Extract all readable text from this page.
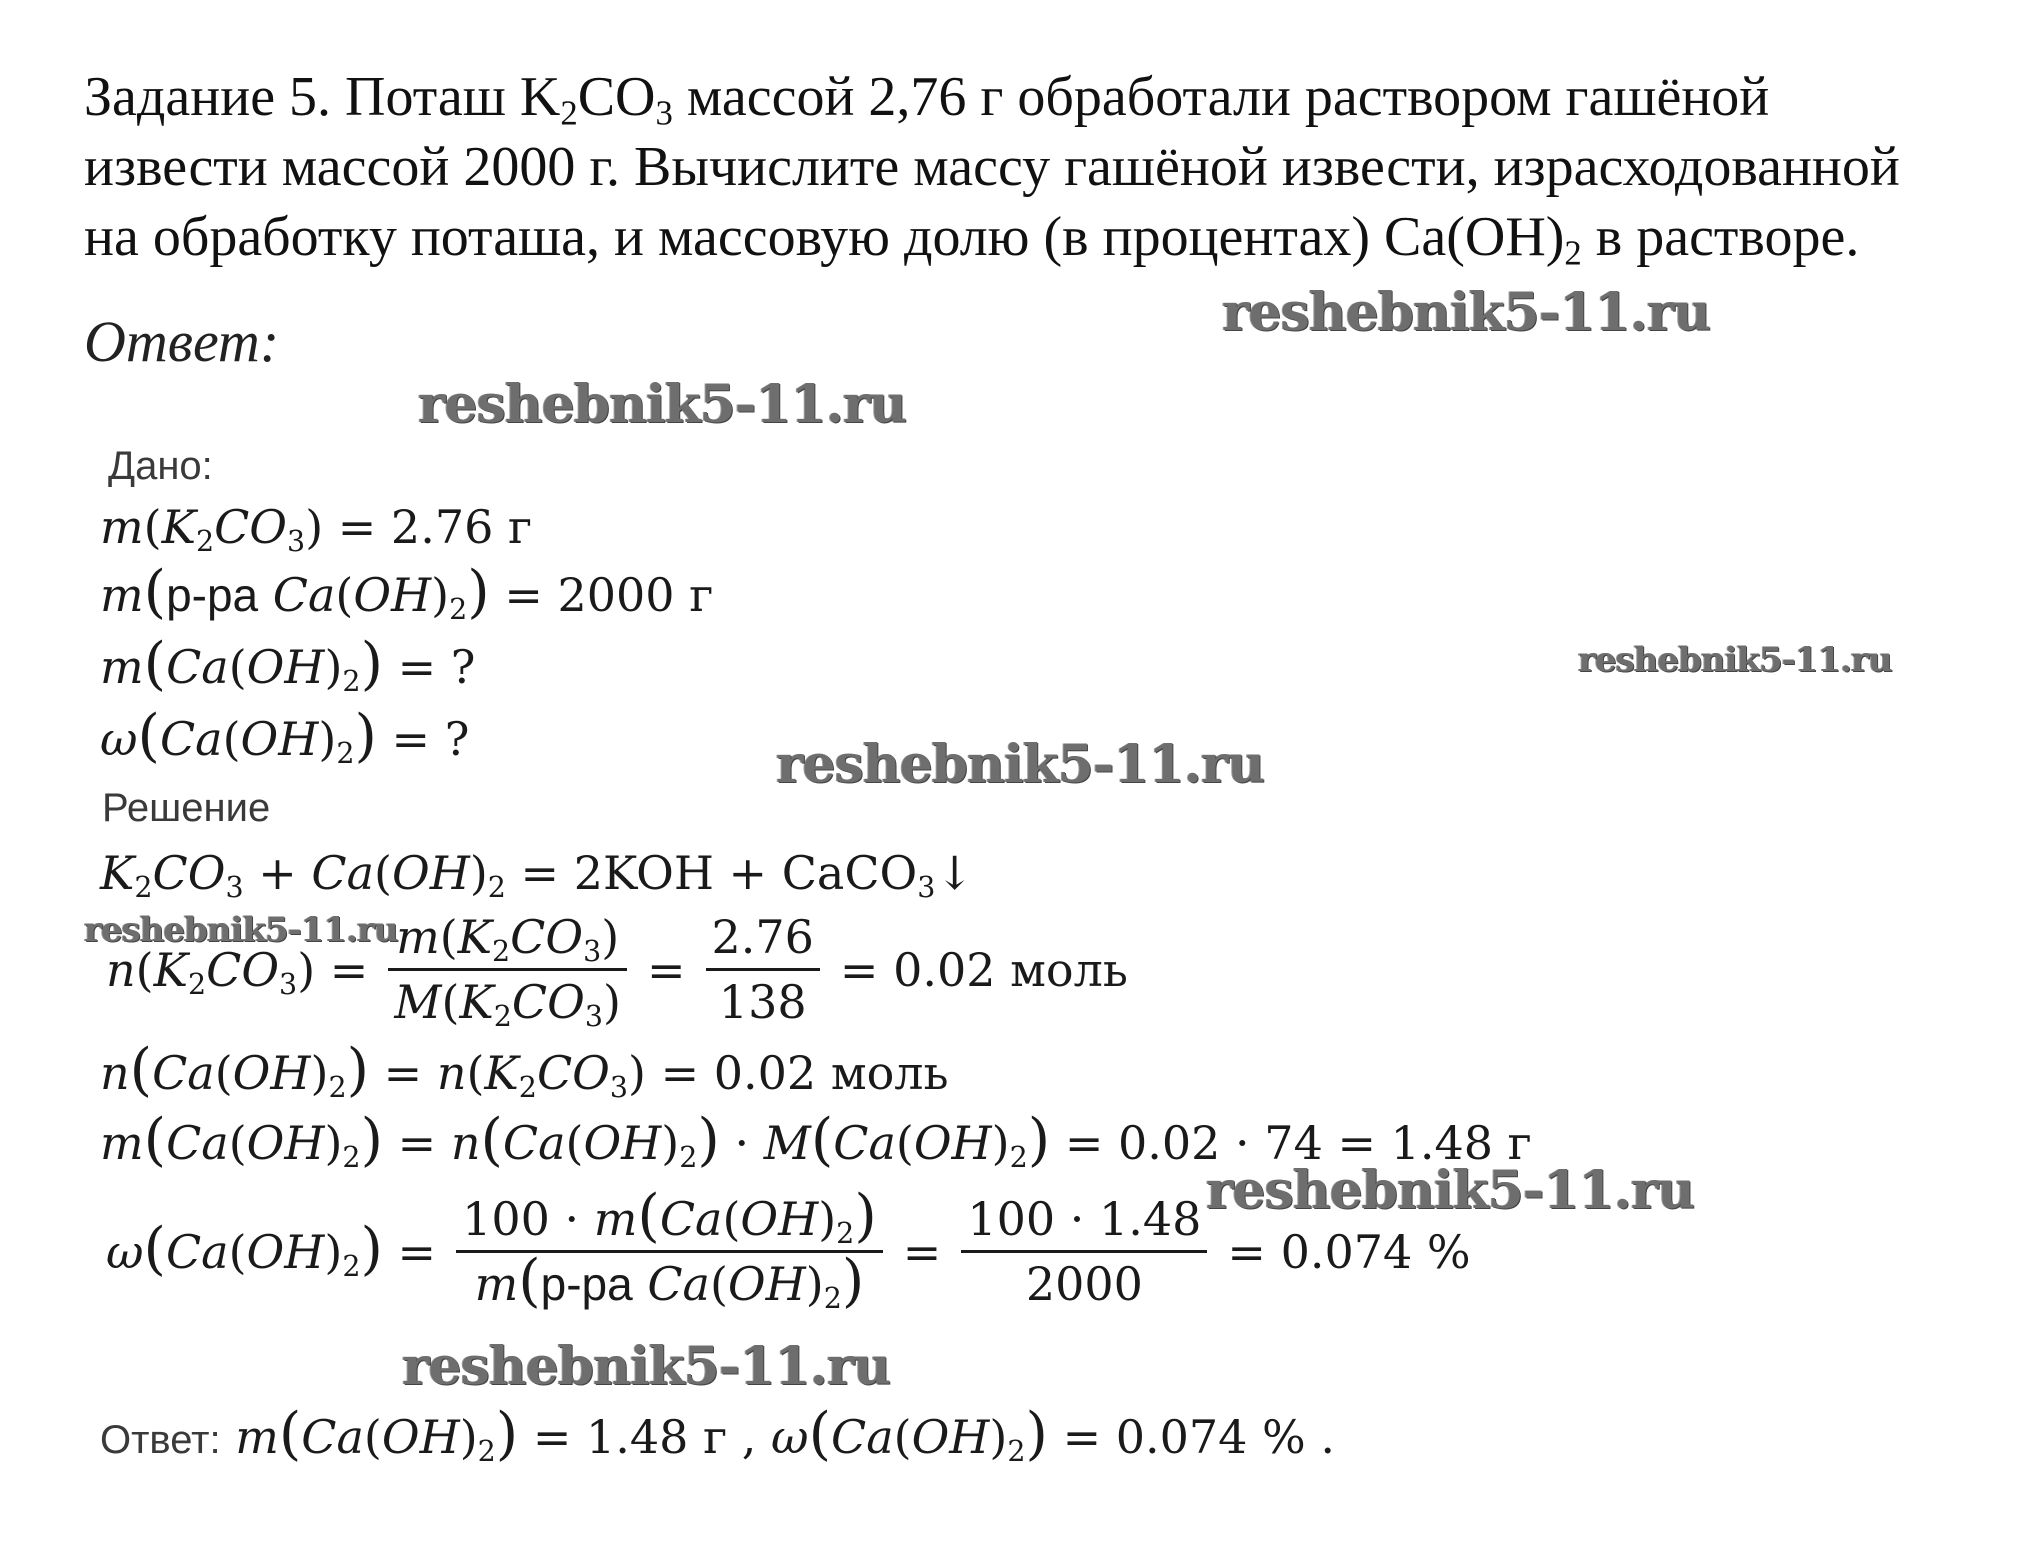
Задание 5. Поташ $K_2CO_3$ массой 2,76 г обработали раствором гашёной
извести массой 2000 г. Вычислите массу гашёной извести, израсходованной
на обработку поташа, и массовую долю (в процентах) $Ca(OH)_2$ в растворе.
Ответ:
Дано:
$m(K_2CO_3) = 2.76$ г
m(р-ра $Ca(OH)_2) = 2000$ г
$m(Ca(OH)_2)$ = ?
$\omega(Ca(OH)_2)$ = ?
Решение
$K_2CO_3 + Ca(OH)_2 = 2KOH$ + CaCO$_3$↓
$n(K_2CO_3) = \frac{m(K_2CO_3)}{M(K_2CO_3)} = \frac{2.76}{138} = 0.02$ моль
$n(Ca(OH)_2) = n(K_2CO_3) = 0.02$ моль
$m(Ca(OH)_2) = n(Ca(OH)_2) \cdot M(Ca(OH)_2) = 0.02 \cdot 74 = 1.48$ г
$\omega(Ca(OH)_2) = \frac{100 \cdot m(Ca(OH)_2)}{m(р-ра Ca(OH)_2)} = \frac{100 \cdot 1.48}{2000} = 0.074$ %
Ответ: $m(Ca(OH)_2) = 1.48$ г , $\omega(Ca(OH)_2) = 0.074$ % .
reshebnik5-11.ru
reshebnik5-11.ru
reshebnik5-11.ru
reshebnik5-11.ru
reshebnik5-11.ru
reshebnik5-11.ru
reshebnik5-11.ru
